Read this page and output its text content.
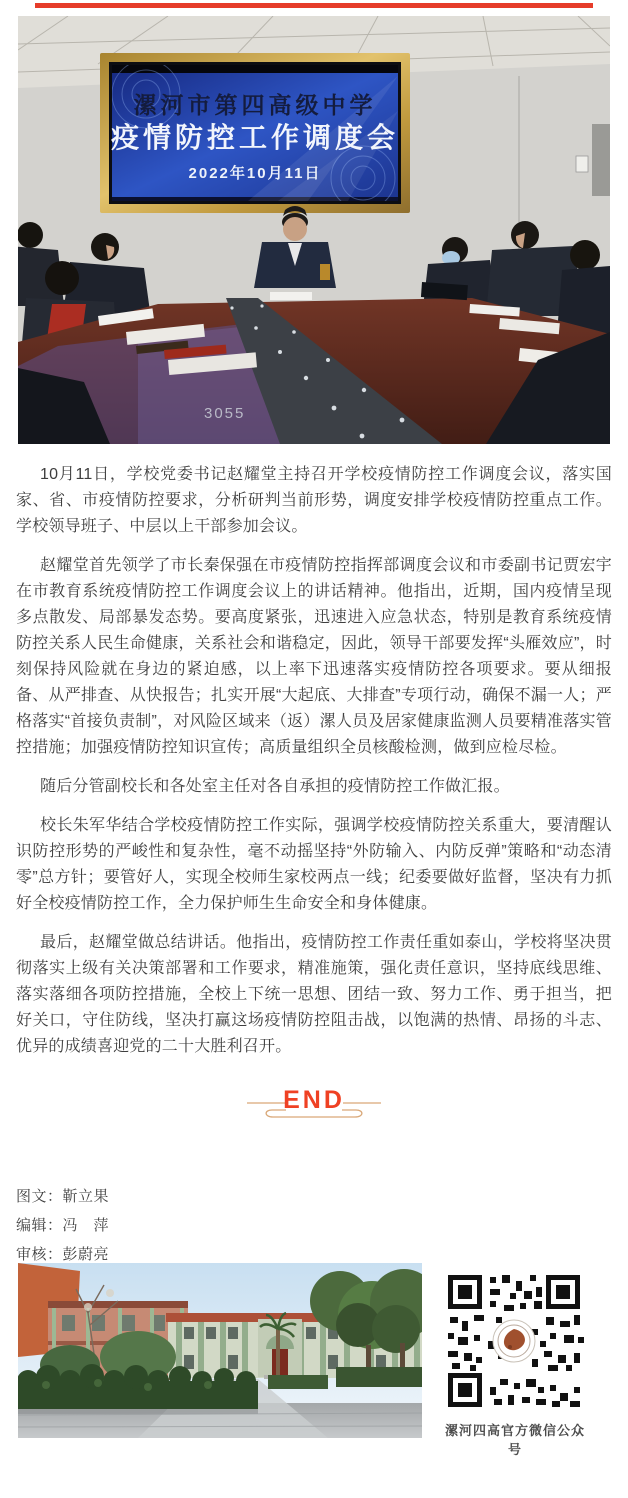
漯河市第四高级中学
疫情防控工作调度会
2022年10月11日
3055

10月11日，学校党委书记赵耀堂主持召开学校疫情防控工作调度会议，落实国家、省、市疫情防控要求，分析研判当前形势，调度安排学校疫情防控重点工作。学校领导班子、中层以上干部参加会议。

赵耀堂首先领学了市长秦保强在市疫情防控指挥部调度会议和市委副书记贾宏宇在市教育系统疫情防控工作调度会议上的讲话精神。他指出，近期，国内疫情呈现多点散发、局部暴发态势。要高度紧张，迅速进入应急状态，特别是教育系统疫情防控关系人民生命健康，关系社会和谐稳定，因此，领导干部要发挥“头雁效应”，时刻保持风险就在身边的紧迫感，以上率下迅速落实疫情防控各项要求。要从细报备、从严排查、从快报告；扎实开展“大起底、大排查”专项行动，确保不漏一人；严格落实“首接负责制”，对风险区域来（返）漯人员及居家健康监测人员要精准落实管控措施；加强疫情防控知识宣传；高质量组织全员核酸检测，做到应检尽检。

随后分管副校长和各处室主任对各自承担的疫情防控工作做汇报。

校长朱军华结合学校疫情防控工作实际，强调学校疫情防控关系重大，要清醒认识防控形势的严峻性和复杂性，毫不动摇坚持“外防输入、内防反弹”策略和“动态清零”总方针；要管好人，实现全校师生家校两点一线；纪委要做好监督，坚决有力抓好全校疫情防控工作，全力保护师生生命安全和身体健康。

最后，赵耀堂做总结讲话。他指出，疫情防控工作责任重如泰山，学校将坚决贯彻落实上级有关决策部署和工作要求，精准施策，强化责任意识，坚持底线思维、落实落细各项防控措施，全校上下统一思想、团结一致、努力工作、勇于担当，把好关口，守住防线，坚决打赢这场疫情防控阻击战，以饱满的热情、昂扬的斗志、优异的成绩喜迎党的二十大胜利召开。

END
图文：靳立果
编辑：冯　萍
审核：彭蔚亮
漯河四高官方微信公众号
